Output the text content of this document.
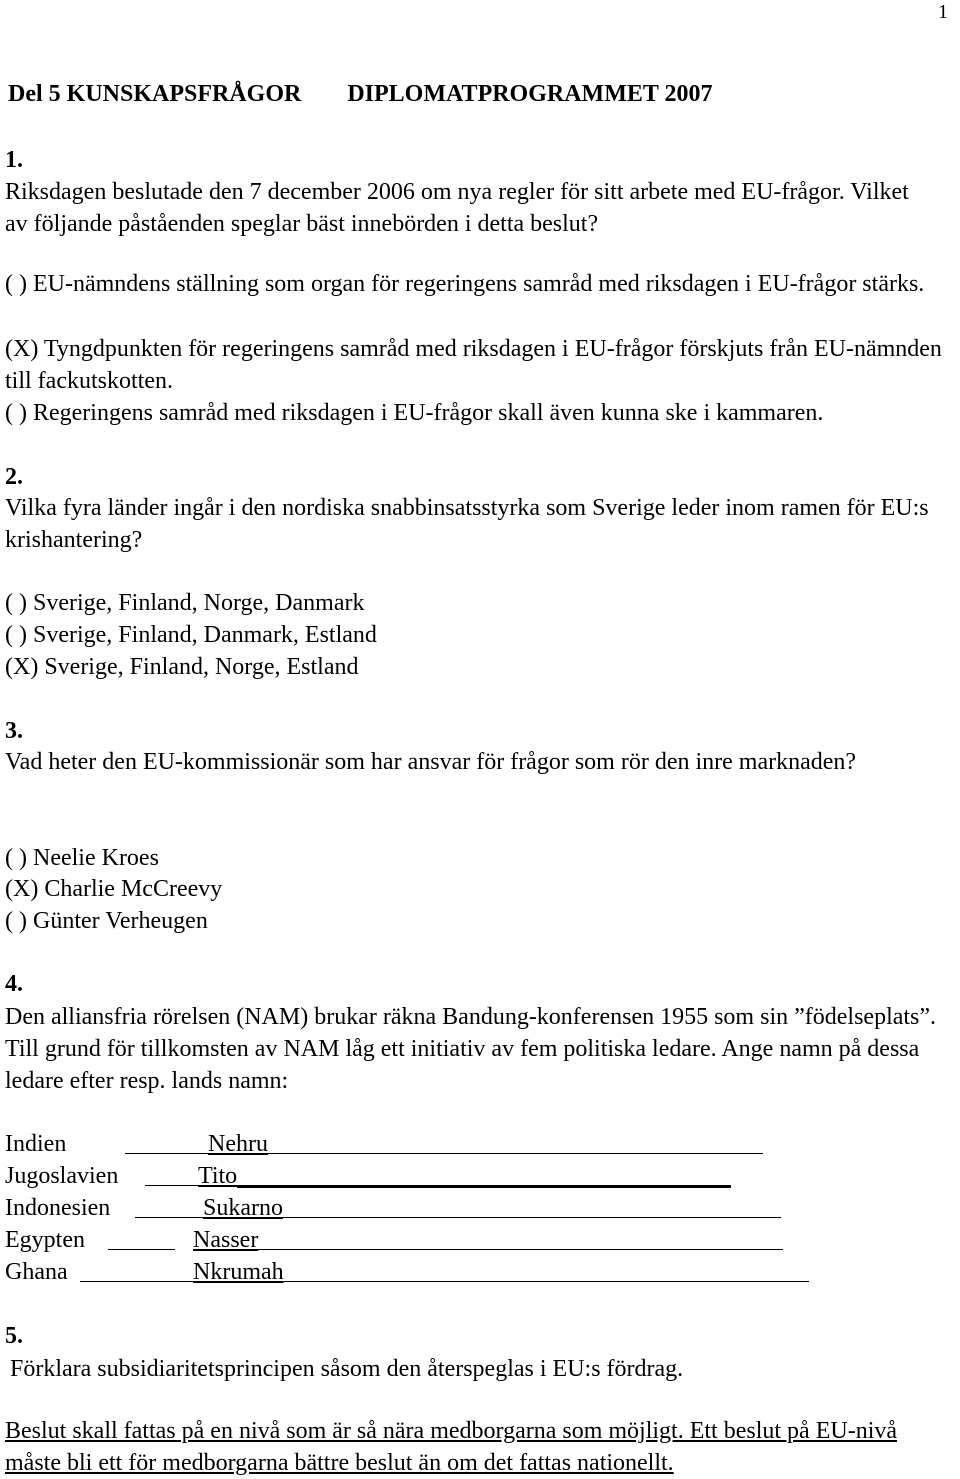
1
Del 5 KUNSKAPSFRÅGOR DIPLOMATPROGRAMMET 2007
1.
Riksdagen beslutade den 7 december 2006 om nya regler för sitt arbete med EU-frågor. Vilket av följande påståenden speglar bäst innebörden i detta beslut?
( ) EU-nämndens ställning som organ för regeringens samråd med riksdagen i EU-frågor stärks.
(X) Tyngdpunkten för regeringens samråd med riksdagen i EU-frågor förskjuts från EU-nämnden till fackutskotten.
( ) Regeringens samråd med riksdagen i EU-frågor skall även kunna ske i kammaren.
2.
Vilka fyra länder ingår i den nordiska snabbinsatsstyrka som Sverige leder inom ramen för EU:s krishantering?
( ) Sverige, Finland, Norge, Danmark
( ) Sverige, Finland, Danmark, Estland
(X) Sverige, Finland, Norge, Estland
3.
Vad heter den EU-kommissionär som har ansvar för frågor som rör den inre marknaden?
( ) Neelie Kroes
(X) Charlie McCreevy
( ) Günter Verheugen
4.
Den alliansfria rörelsen (NAM) brukar räkna Bandung-konferensen 1955 som sin ”födelseplats”. Till grund för tillkomsten av NAM låg ett initiativ av fem politiska ledare. Ange namn på dessa ledare efter resp. lands namn:
Indien	Nehru
Jugoslavien	Tito
Indonesien	Sukarno
Egypten	Nasser
Ghana	Nkrumah
5.
Förklara subsidiaritetsprincipen såsom den återspeglas i EU:s fördrag.
Beslut skall fattas på en nivå som är så nära medborgarna som möjligt. Ett beslut på EU-nivå måste bli ett för medborgarna bättre beslut än om det fattas nationellt.
